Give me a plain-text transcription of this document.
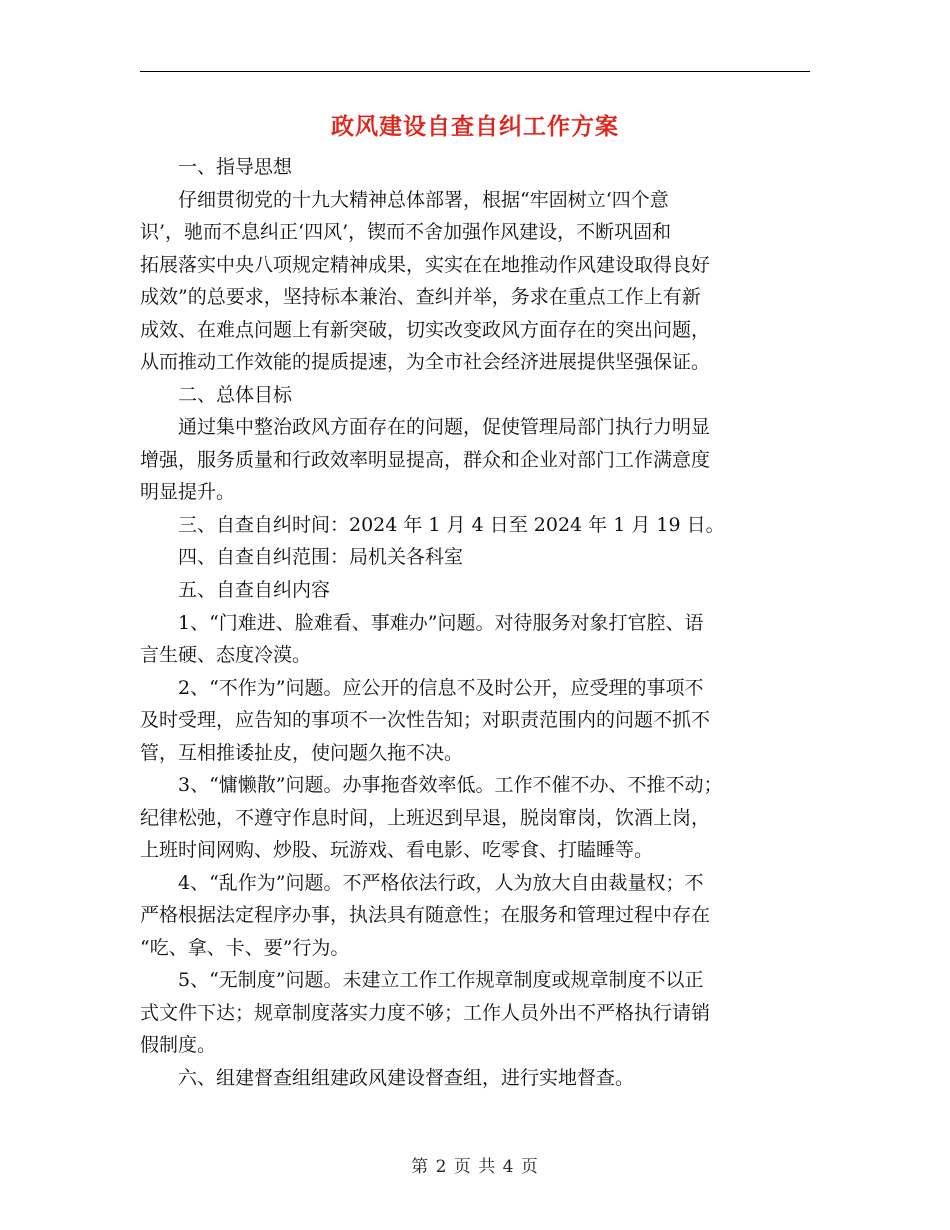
政风建设自查自纠工作方案
　　一、指导思想
　　仔细贯彻党的十九大精神总体部署，根据“牢固树立‘四个意
识’，驰而不息纠正‘四风’，锲而不舍加强作风建设，不断巩固和
拓展落实中央八项规定精神成果，实实在在地推动作风建设取得良好
成效”的总要求，坚持标本兼治、查纠并举，务求在重点工作上有新
成效、在难点问题上有新突破，切实改变政风方面存在的突出问题，
从而推动工作效能的提质提速，为全市社会经济进展提供坚强保证。
　　二、总体目标
　　通过集中整治政风方面存在的问题，促使管理局部门执行力明显
增强，服务质量和行政效率明显提高，群众和企业对部门工作满意度
明显提升。
　　三、自查自纠时间：2024 年 1 月 4 日至 2024 年 1 月 19 日。
　　四、自查自纠范围：局机关各科室
　　五、自查自纠内容
　　1、“门难进、脸难看、事难办”问题。对待服务对象打官腔、语
言生硬、态度冷漠。
　　2、“不作为”问题。应公开的信息不及时公开，应受理的事项不
及时受理，应告知的事项不一次性告知；对职责范围内的问题不抓不
管，互相推诿扯皮，使问题久拖不决。
　　3、“慵懒散”问题。办事拖沓效率低。工作不催不办、不推不动；
纪律松弛，不遵守作息时间，上班迟到早退，脱岗窜岗，饮酒上岗，
上班时间网购、炒股、玩游戏、看电影、吃零食、打瞌睡等。
　　4、“乱作为”问题。不严格依法行政，人为放大自由裁量权；不
严格根据法定程序办事，执法具有随意性；在服务和管理过程中存在
“吃、拿、卡、要”行为。
　　5、“无制度”问题。未建立工作工作规章制度或规章制度不以正
式文件下达；规章制度落实力度不够；工作人员外出不严格执行请销
假制度。
　　六、组建督查组组建政风建设督查组，进行实地督查。
第 2 页 共 4 页
